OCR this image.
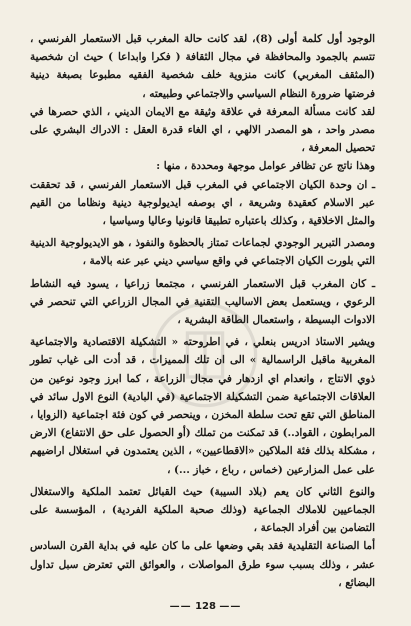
الوجود أول كلمة أولى (8)، لقد كانت حالة المغرب قبل الاستعمار الفرنسي ، تتسم بالجمود والمحافظة في مجال الثقافة ( فكرا وابداعا ) حيث ان شخصية (المثقف المغربي) كانت منزوية خلف شخصية الفقيه مطبوعا بصبغة دينية فرضتها ضرورة النظام السياسي والاجتماعي وطبيعته ،

لقد كانت مسألة المعرفة في علاقة وثيقة مع الايمان الديني ، الذي حصرها في مصدر واحد ، هو المصدر الالهي ، اي الغاء قدرة العقل : الادراك البشري على تحصيل المعرفة ،

وهذا ناتج عن تظافر عوامل موجهة ومحددة ، منها :

ـ ان وحدة الكيان الاجتماعي في المغرب قبل الاستعمار الفرنسي ، قد تحققت عبر الاسلام كعقيدة وشريعة ، اي بوصفه ايديولوجية دينية ونظاما من القيم والمثل الاخلاقية ، وكذلك باعتباره تطبيقا قانونيا وعاليا وسياسيا ،

ومصدر التبرير الوجودي لجماعات تمتاز بالحظوة والنفوذ ، هو الايديولوجية الدينية التي بلورت الكيان الاجتماعي في واقع سياسي ديني عبر عنه بالامة ،

ـ كان المغرب قبل الاستعمار الفرنسي ، مجتمعا زراعيا ، يسود فيه النشاط الرعوي ، ويستعمل بعض الاساليب التقنية في المجال الزراعي التي تنحصر في الادوات البسيطة ، واستعمال الطاقة البشرية ،

ويشير الاستاذ ادريس بنعلي ، في اطروحته « التشكيلة الاقتصادية والاجتماعية المغربية ماقبل الراسمالية » الى ان تلك المميزات ، قد أدت الى غياب تطور ذوي الانتاج ، وانعدام اي ازدهار في مجال الزراعة ، كما ابرز وجود نوعين من العلاقات الاجتماعية ضمن التشكيلة الاجتماعية (في البادية) النوع الاول سائد في المناطق التي تقع تحت سلطة المخزن ، وينحصر في كون فئة اجتماعية (الزوايا ، المرابطون ، القواد..) قد تمكنت من تملك (أو الحصول على حق الانتفاع) الارض ، مشكلة بذلك فئة الملاكين «الاقطاعيين» ، الذين يعتمدون في استغلال اراضيهم على عمل المزارعين (خماس ، رباع ، خباز ...) ،

والنوع الثاني كان يعم (بلاد السيبة) حيث القبائل تعتمد الملكية والاستغلال الجماعيين للاملاك الجماعية (وذلك صحبة الملكية الفردية) ، المؤسسة على التضامن بين أفراد الجماعة ،

أما الصناعة التقليدية فقد بقي وضعها على ما كان عليه في بداية القرن السادس عشر ، وذلك بسبب سوء طرق المواصلات ، والعوائق التي تعترض سبل تداول البضائع ،

—— 128 ——
